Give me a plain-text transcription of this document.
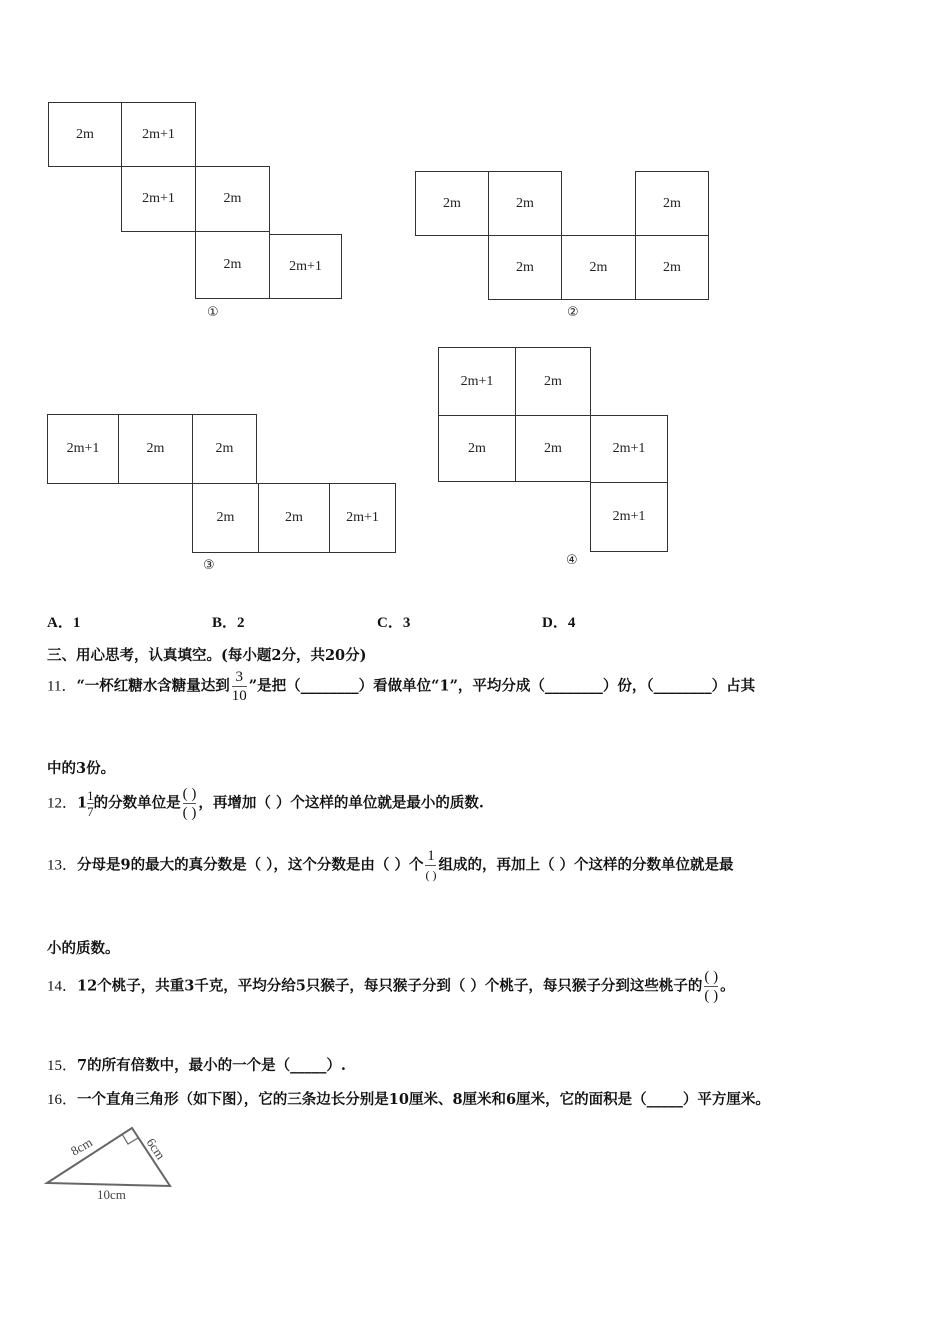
2m	2m+1
2m+1	2m
2m	2m+1
①
2m	2m	2m
2m	2m	2m
②
2m+1	2m	2m
2m	2m	2m+1
③
2m+1	2m
2m	2m	2m+1
2m+1
④
A．1	B．2	C．3	D．4
三、用心思考，认真填空。(每小题2分，共20分)
11．“一杯红糖水含糖量达到 $\frac{3}{10}$ ”是把（________）看做单位“1”，平均分成（________）份，（________）占其
中的3份。
12．$1 \frac{1}{7}$ 的分数单位是 $\frac{( )}{( )}$ ，再增加（ ）个这样的单位就是最小的质数.
13．分母是9的最大的真分数是（ ），这个分数是由（ ）个 $\frac{1}{( )}$ 组成的，再加上（ ）个这样的分数单位就是最
小的质数。
14．12个桃子，共重3千克，平均分给5只猴子，每只猴子分到（ ）个桃子，每只猴子分到这些桃子的 $\frac{( )}{( )}$ 。
15．7的所有倍数中，最小的一个是（_____）.
16．一个直角三角形（如下图），它的三条边长分别是10厘米、8厘米和6厘米，它的面积是（_____）平方厘米。
8cm	6cm
10cm
